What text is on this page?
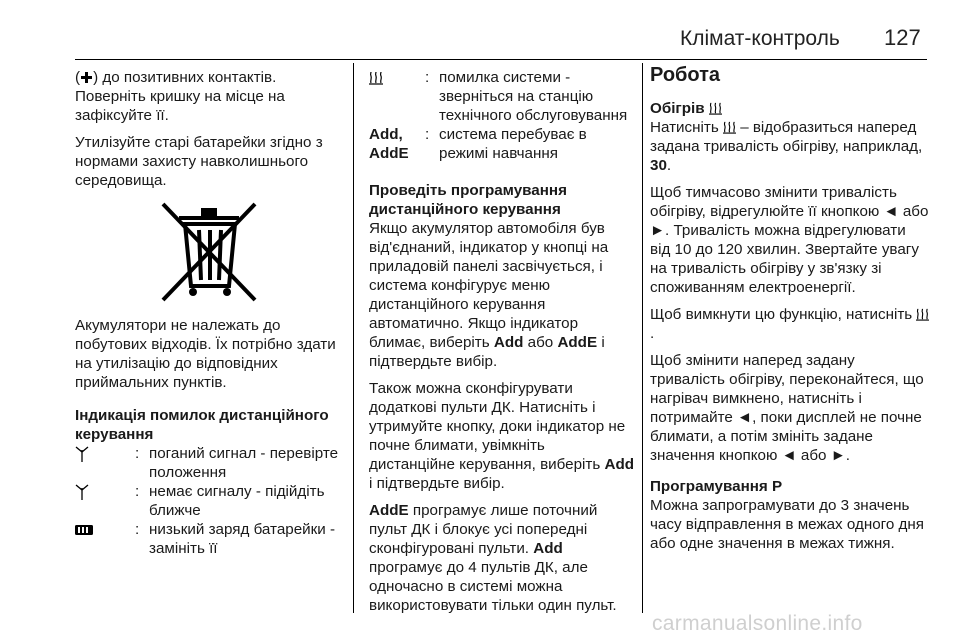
Клімат-контроль 127

( ) до позитивних контактів. Поверніть кришку на місце на зафіксуйте її.

Утилізуйте старі батарейки згідно з нормами захисту навколишнього середовища.

Акумулятори не належать до побутових відходів. Їх потрібно здати на утилізацію до відповідних приймальних пунктів.

Індикація помилок дистанційного керування
: поганий сигнал - перевірте положення
: немає сигналу - підійдіть ближче
: низький заряд батарейки - замініть її
: помилка системи - зверніться на станцію технічного обслуговування
Add, AddE
: система перебуває в режимі навчання
Проведіть програмування дистанційного керування

Якщо акумулятор автомобіля був від'єднаний, індикатор у кнопці на приладовій панелі засвічується, і система конфігурує меню дистанційного керування автоматично. Якщо індикатор блимає, виберіть Add або AddE і підтвердьте вибір.

Також можна сконфігурувати додаткові пульти ДК. Натисніть і утримуйте кнопку, доки індикатор не почне блимати, увімкніть дистанційне керування, виберіть Add і підтвердьте вибір.

AddE програмує лише поточний пульт ДК і блокує усі попередні сконфігуровані пульти. Add програмує до 4 пультів ДК, але одночасно в системі можна використовувати тільки один пульт.

Робота
Обігрів

Натисніть  – відобразиться наперед задана тривалість обігріву, наприклад, 30.

Щоб тимчасово змінити тривалість обігріву, відрегулюйте її кнопкою ◄ або ►. Тривалість можна відрегулювати від 10 до 120 хвилин. Звертайте увагу на тривалість обігріву у зв'язку зі споживанням електроенергії.

Щоб вимкнути цю функцію, натисніть .

Щоб змінити наперед задану тривалість обігріву, переконайтеся, що нагрівач вимкнено, натисніть і потримайте ◄, поки дисплей не почне блимати, а потім змініть задане значення кнопкою ◄ або ►.

Програмування P

Можна запрограмувати до 3 значень часу відправлення в межах одного дня або одне значення в межах тижня.

carmanualsonline.info
